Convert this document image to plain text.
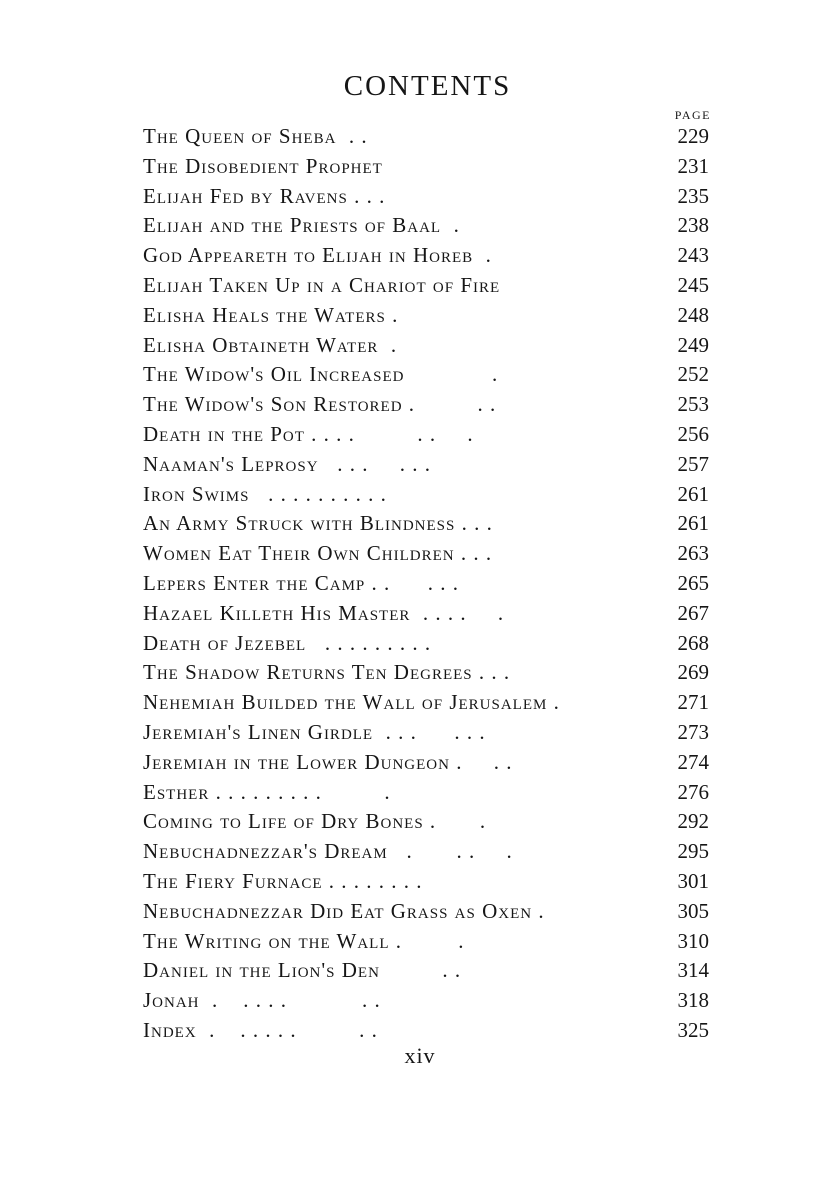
CONTENTS
PAGE
The Queen of Sheba  . .	229
The Disobedient Prophet	231
Elijah Fed by Ravens . . .	235
Elijah and the Priests of Baal  .	238
God Appeareth to Elijah in Horeb  .	243
Elijah Taken Up in a Chariot of Fire	245
Elisha Heals the Waters .	248
Elisha Obtaineth Water  .	249
The Widow's Oil Increased              .	252
The Widow's Son Restored .          . .	253
Death in the Pot . . . .          . .     .	256
Naaman's Leprosy   . . .     . . .	257
Iron Swims   . . . . . . . . . .	261
An Army Struck with Blindness . . .	261
Women Eat Their Own Children . . .	263
Lepers Enter the Camp . .      . . .	265
Hazael Killeth His Master  . . . .     .	267
Death of Jezebel   . . . . . . . . .	268
The Shadow Returns Ten Degrees . . .	269
Nehemiah Builded the Wall of Jerusalem .	271
Jeremiah's Linen Girdle  . . .      . . .	273
Jeremiah in the Lower Dungeon .     . .	274
Esther . . . . . . . . .          .	276
Coming to Life of Dry Bones .       .	292
Nebuchadnezzar's Dream   .       . .     .	295
The Fiery Furnace . . . . . . . .	301
Nebuchadnezzar Did Eat Grass as Oxen .	305
The Writing on the Wall .         .	310
Daniel in the Lion's Den          . .	314
Jonah  .    . . . .            . .	318
Index  .    . . . . .          . .	325
xiv
